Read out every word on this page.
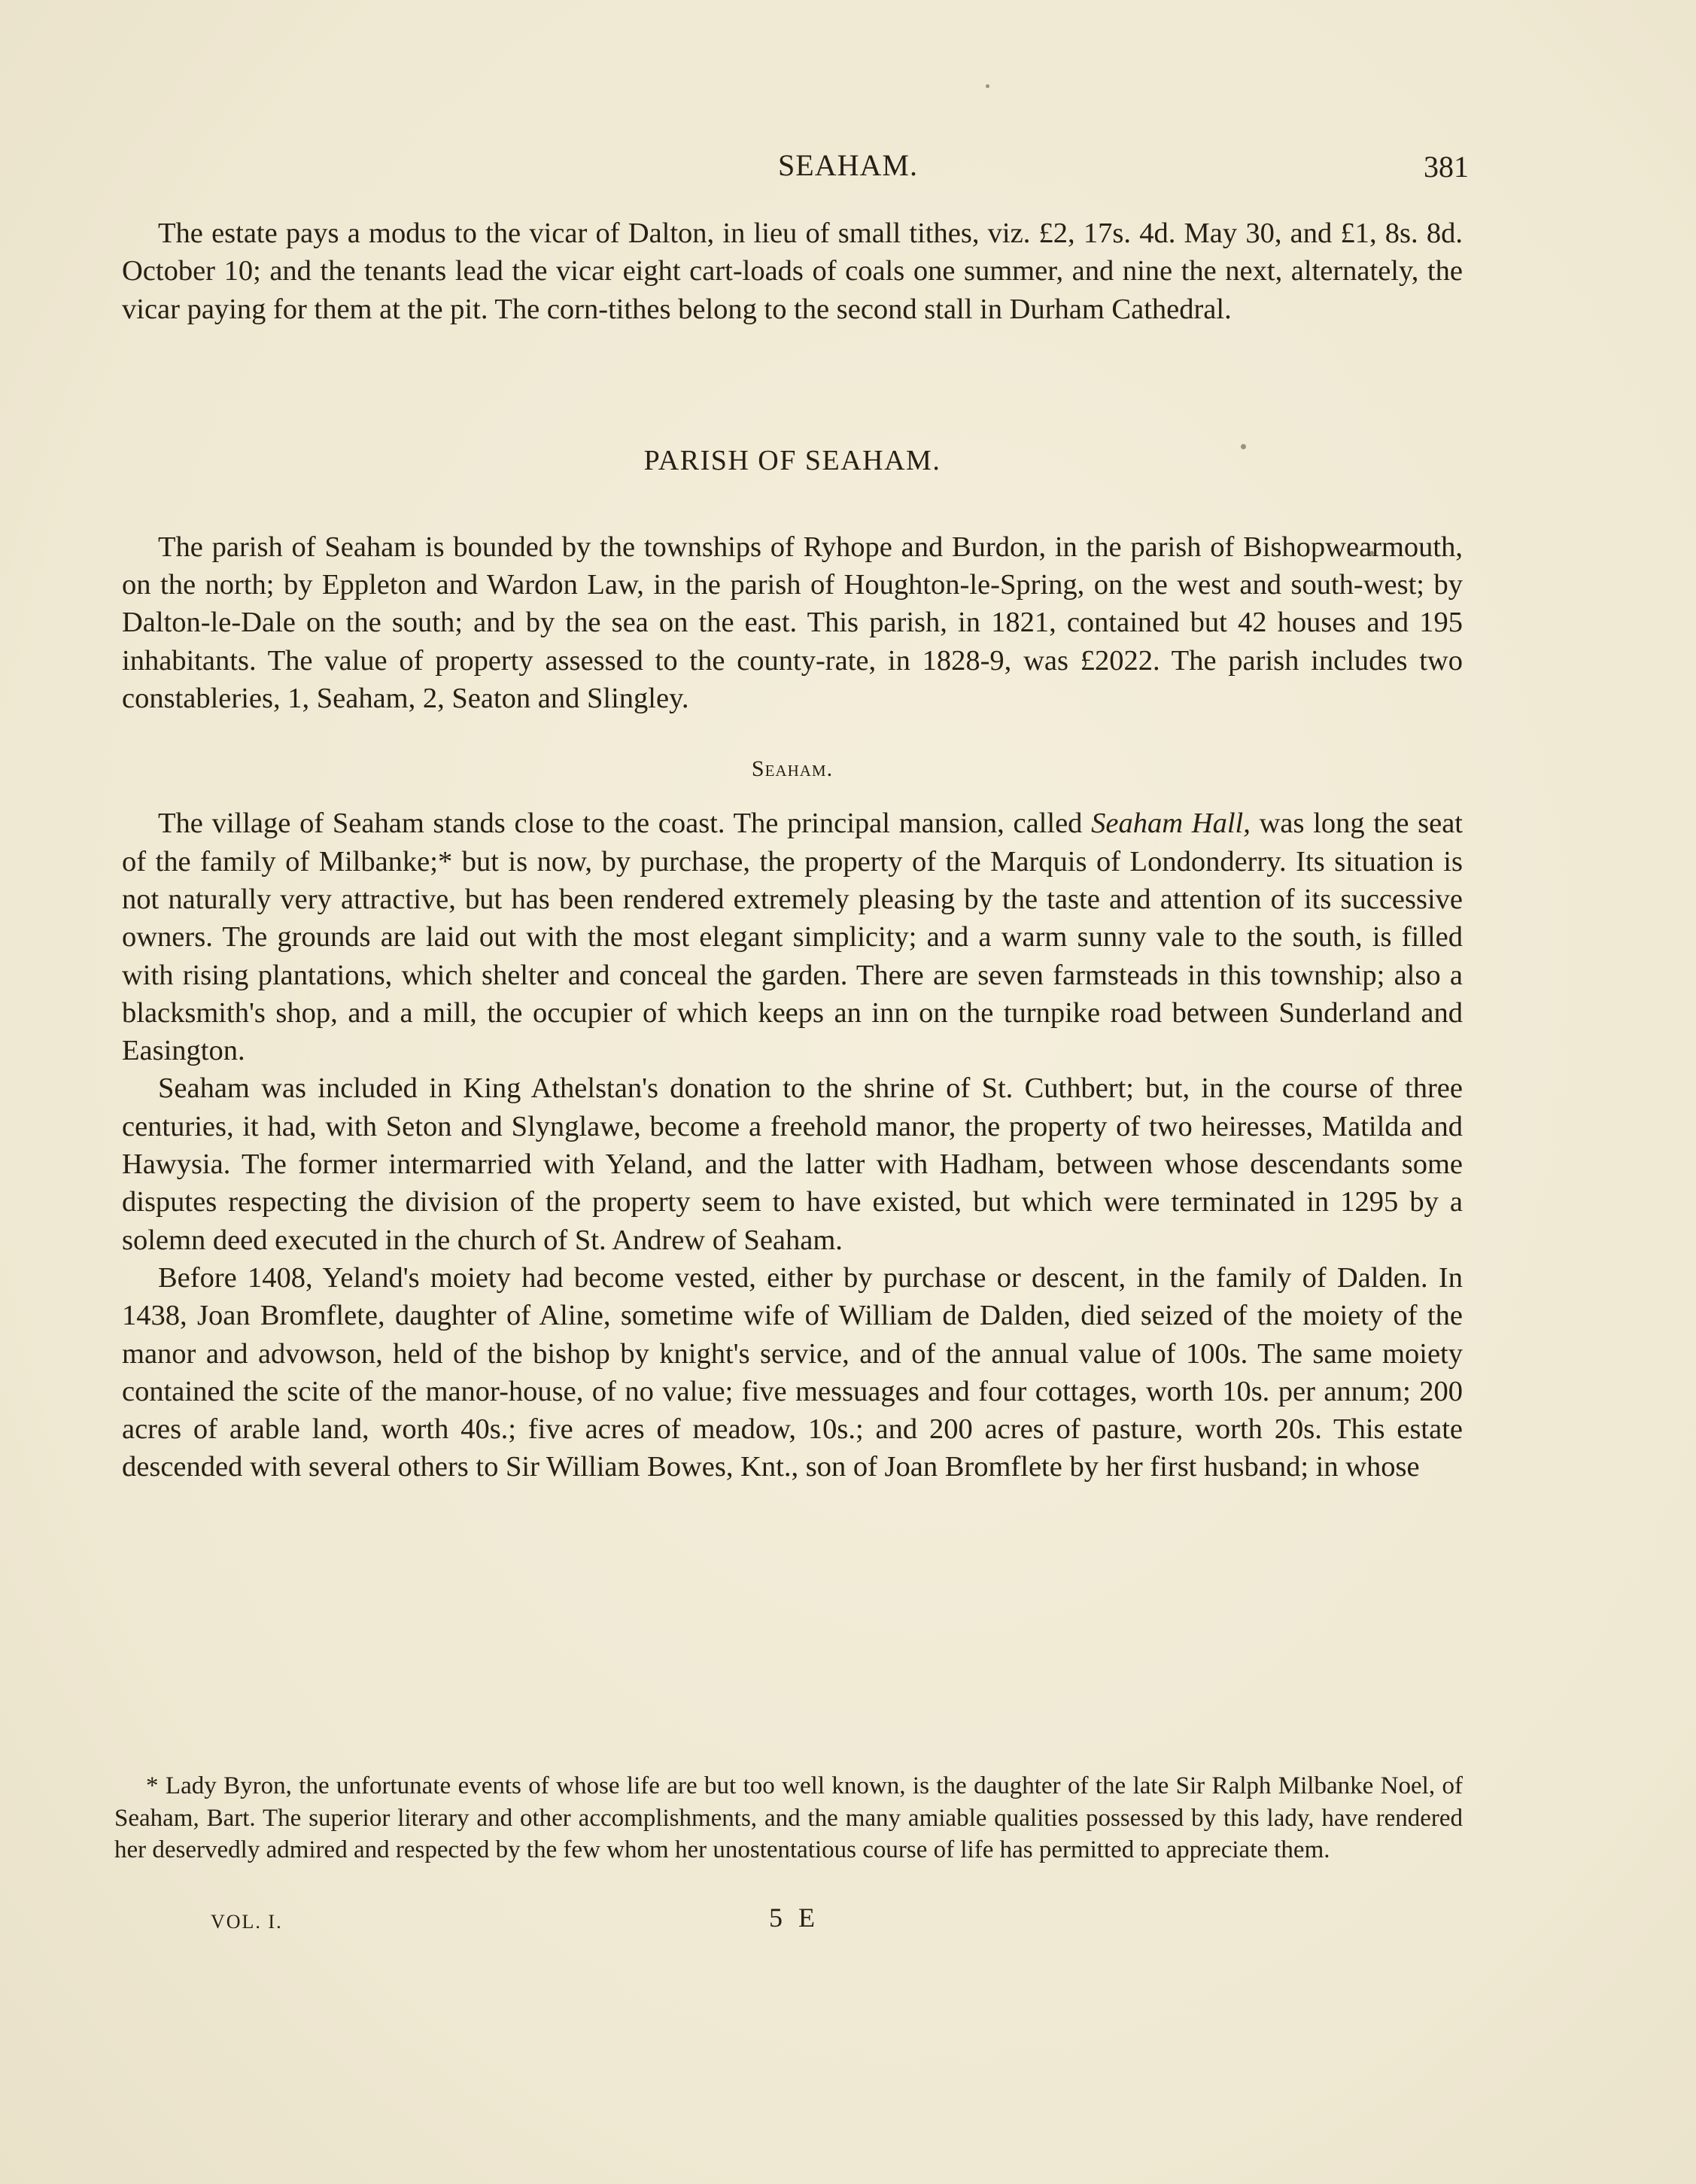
SEAHAM.	381

The estate pays a modus to the vicar of Dalton, in lieu of small tithes, viz. £2, 17s. 4d. May 30, and £1, 8s. 8d. October 10; and the tenants lead the vicar eight cart-loads of coals one summer, and nine the next, alternately, the vicar paying for them at the pit. The corn-tithes belong to the second stall in Durham Cathedral.

PARISH OF SEAHAM.

The parish of Seaham is bounded by the townships of Ryhope and Burdon, in the parish of Bishopwearmouth, on the north; by Eppleton and Wardon Law, in the parish of Houghton-le-Spring, on the west and south-west; by Dalton-le-Dale on the south; and by the sea on the east. This parish, in 1821, contained but 42 houses and 195 inhabitants. The value of property assessed to the county-rate, in 1828-9, was £2022. The parish includes two constableries, 1, Seaham, 2, Seaton and Slingley.

Seaham.

The village of Seaham stands close to the coast. The principal mansion, called Seaham Hall, was long the seat of the family of Milbanke;* but is now, by purchase, the property of the Marquis of Londonderry. Its situation is not naturally very attractive, but has been rendered extremely pleasing by the taste and attention of its successive owners. The grounds are laid out with the most elegant simplicity; and a warm sunny vale to the south, is filled with rising plantations, which shelter and conceal the garden. There are seven farmsteads in this township; also a blacksmith's shop, and a mill, the occupier of which keeps an inn on the turnpike road between Sunderland and Easington.

Seaham was included in King Athelstan's donation to the shrine of St. Cuthbert; but, in the course of three centuries, it had, with Seton and Slynglawe, become a freehold manor, the property of two heiresses, Matilda and Hawysia. The former intermarried with Yeland, and the latter with Hadham, between whose descendants some disputes respecting the division of the property seem to have existed, but which were terminated in 1295 by a solemn deed executed in the church of St. Andrew of Seaham.

Before 1408, Yeland's moiety had become vested, either by purchase or descent, in the family of Dalden. In 1438, Joan Bromflete, daughter of Aline, sometime wife of William de Dalden, died seized of the moiety of the manor and advowson, held of the bishop by knight's service, and of the annual value of 100s. The same moiety contained the scite of the manor-house, of no value; five messuages and four cottages, worth 10s. per annum; 200 acres of arable land, worth 40s.; five acres of meadow, 10s.; and 200 acres of pasture, worth 20s. This estate descended with several others to Sir William Bowes, Knt., son of Joan Bromflete by her first husband; in whose

* Lady Byron, the unfortunate events of whose life are but too well known, is the daughter of the late Sir Ralph Milbanke Noel, of Seaham, Bart. The superior literary and other accomplishments, and the many amiable qualities possessed by this lady, have rendered her deservedly admired and respected by the few whom her unostentatious course of life has permitted to appreciate them.

VOL. I.	5 E
